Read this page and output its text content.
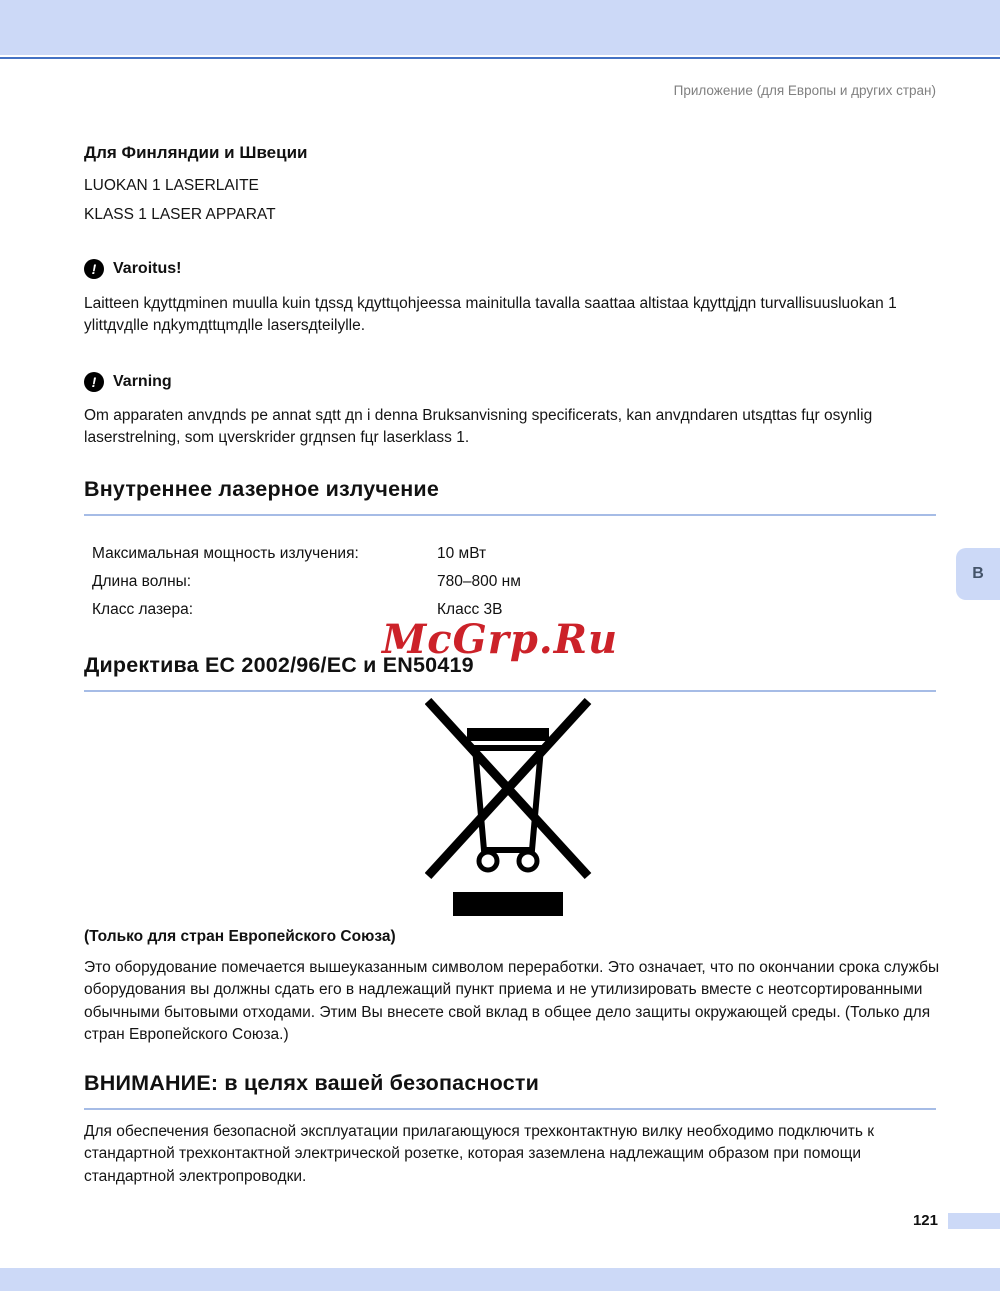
Приложение (для Европы и других стран)
Для Финляндии и Швеции
LUOKAN 1 LASERLAITE
KLASS 1 LASER APPARAT
!	Varoitus!
Laitteen kдyttдminen muulla kuin tдssд kдyttцohjeessa mainitulla tavalla saattaa altistaa kдyttдjдn turvallisuusluokan 1 ylittдvдlle nдkymдttцmдlle lasersдteilylle.
!	Varning
Om apparaten anvдnds pe annat sдtt дn i denna Bruksanvisning specificerats, kan anvдndaren utsдttas fцr osynlig laserstrelning, som цverskrider grдnsen fцr laserklass 1.
Внутреннее лазерное излучение
Максимальная мощность излучения:	10 мВт
Длина волны:	780–800 нм
Класс лазера:	Класс 3B
B
McGrp.Ru
Директива ЕС 2002/96/EC и EN50419
(Только для стран Европейского Союза)
Это оборудование помечается вышеуказанным символом переработки. Это означает, что по окончании срока службы оборудования вы должны сдать его в надлежащий пункт приема и не утилизировать вместе с неотсортированными обычными бытовыми отходами. Этим Вы внесете свой вклад в общее дело защиты окружающей среды. (Только для стран Европейского Союза.)
ВНИМАНИЕ: в целях вашей безопасности
Для обеспечения безопасной эксплуатации прилагающуюся трехконтактную вилку необходимо подключить к стандартной трехконтактной электрической розетке, которая заземлена надлежащим образом при помощи стандартной электропроводки.
121
